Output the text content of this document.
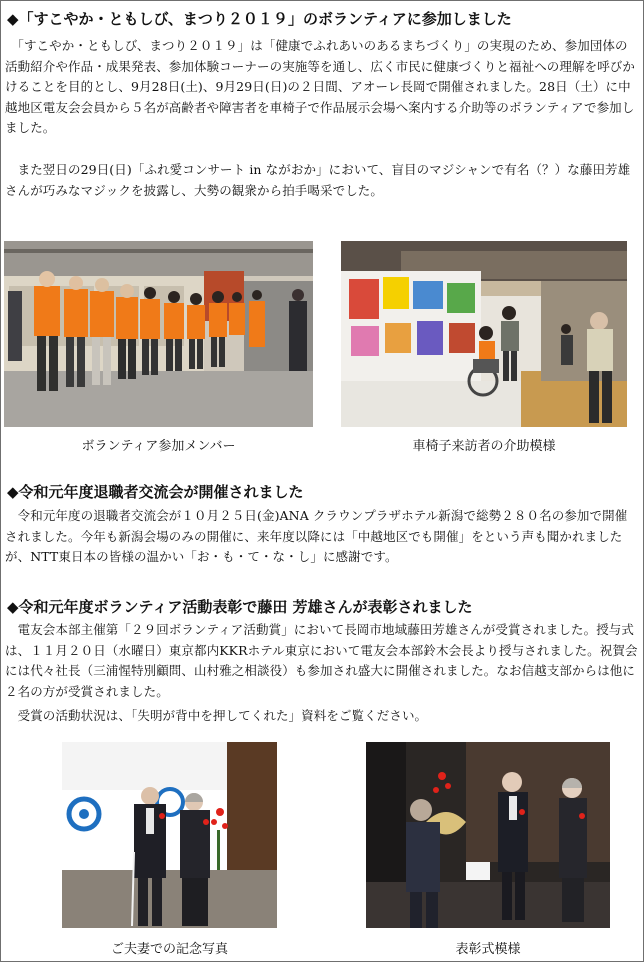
◆「すこやか・ともしび、まつり２０１９」のボランティアに参加しました

　「すこやか・ともしび、まつり２０１９」は「健康でふれあいのあるまちづくり」の実現のため、参加団体の活動紹介や作品・成果発表、参加体験コーナーの実施等を通し、広く市民に健康づくりと福祉への理解を呼びかけることを目的とし、9月28日(土)、9月29日(日)の２日間、アオーレ長岡で開催されました。28日（土）に中越地区電友会会員から５名が高齢者や障害者を車椅子で作品展示会場へ案内する介助等のボランティアで参加しました。

　また翌日の29日(日)「ふれ愛コンサート in ながおか」において、盲目のマジシャンで有名（？）な藤田芳雄さんが巧みなマジックを披露し、大勢の観衆から拍手喝采でした。

ボランティア参加メンバー	車椅子来訪者の介助模様
◆令和元年度退職者交流会が開催されました

　令和元年度の退職者交流会が１０月２５日(金)ANA クラウンプラザホテル新潟で総勢２８０名の参加で開催されました。今年も新潟会場のみの開催に、来年度以降には「中越地区でも開催」をという声も聞かれましたが、NTT東日本の皆様の温かい「お・も・て・な・し」に感謝です。

◆令和元年度ボランティア活動表彰で藤田 芳雄さんが表彰されました

　電友会本部主催第「２９回ボランティア活動賞」において長岡市地域藤田芳雄さんが受賞されました。授与式は、１１月２０日（水曜日）東京都内KKRホテル東京において電友会本部鈴木会長より授与されました。祝賀会には代々社長（三浦惺特別顧問、山村雅之相談役）も参加され盛大に開催されました。なお信越支部からは他に２名の方が受賞されました。

　受賞の活動状況は、「失明が背中を押してくれた」資料をご覧ください。

ご夫妻での記念写真	表彰式模様
